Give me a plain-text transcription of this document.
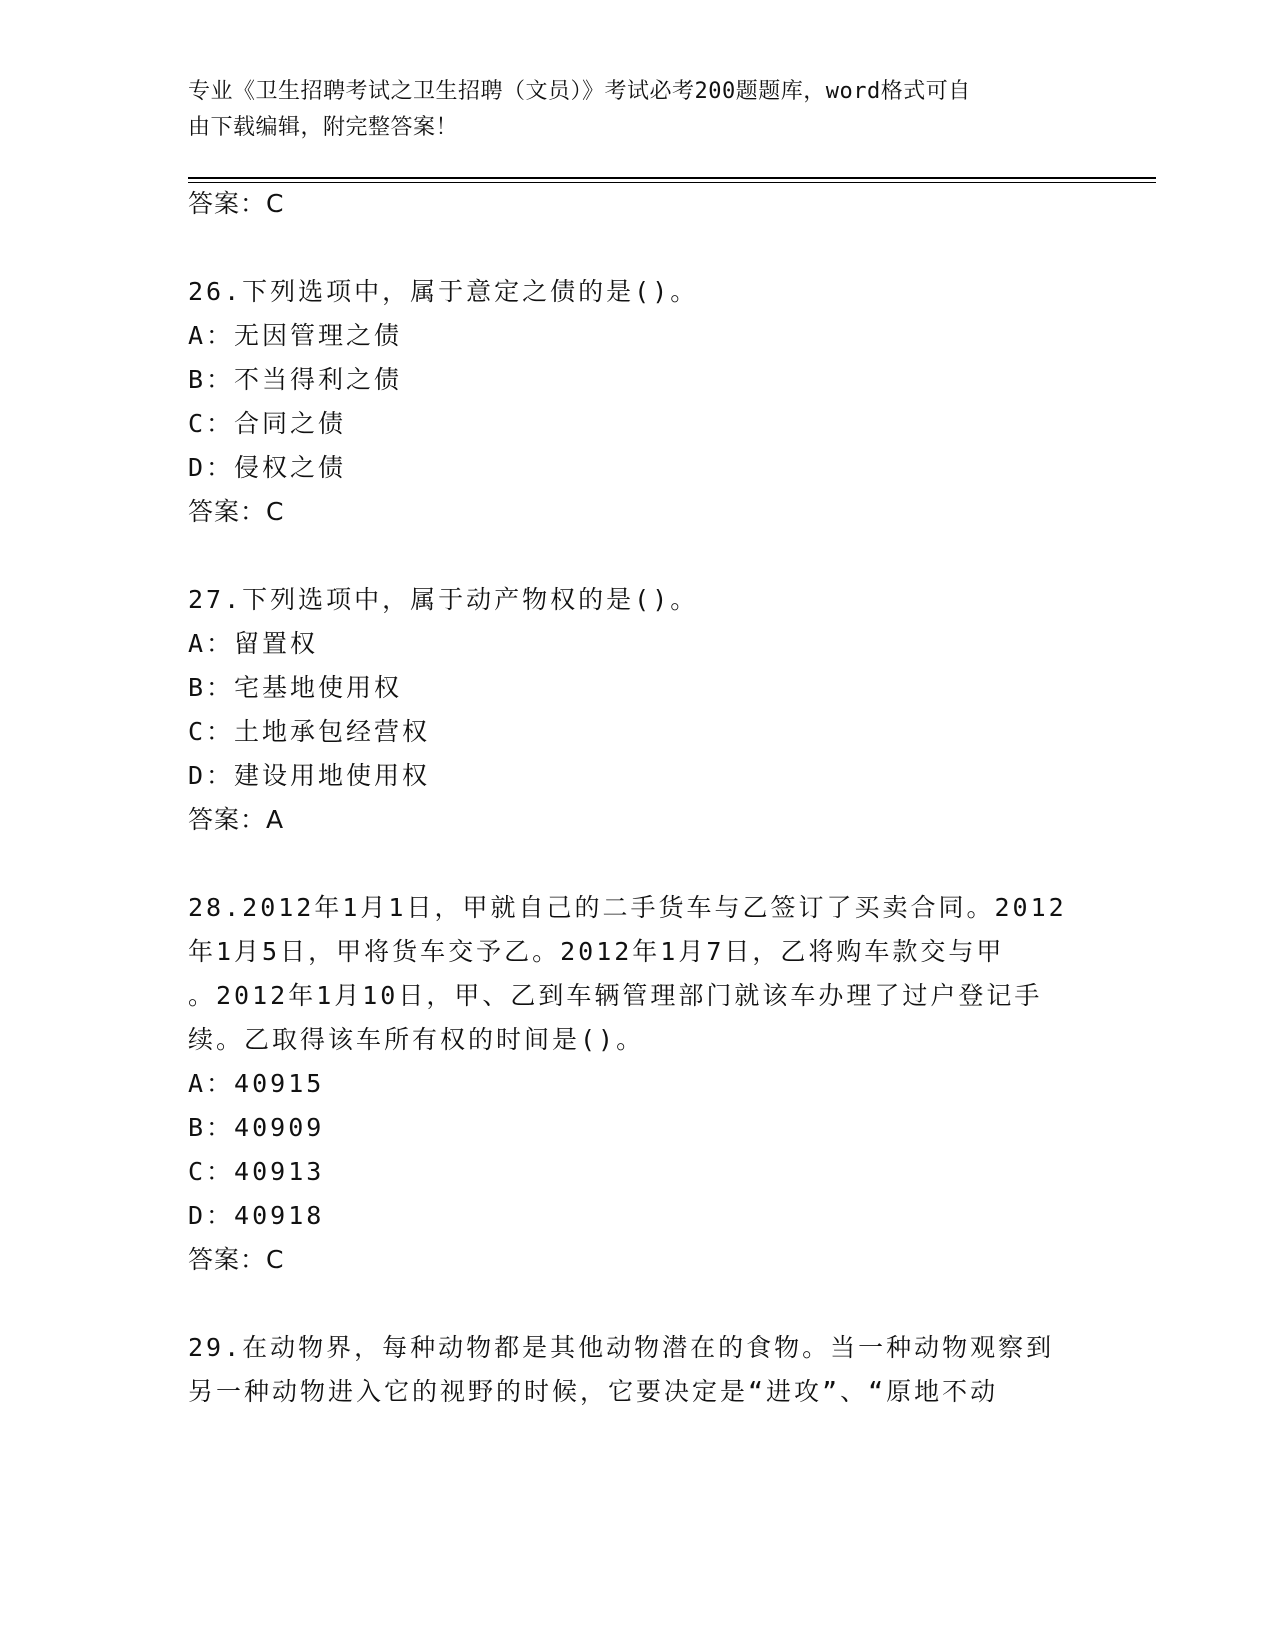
专业《卫生招聘考试之卫生招聘（文员）》考试必考200题题库，word格式可自
由下载编辑，附完整答案！
答案：C
26.下列选项中，属于意定之债的是()。
A：无因管理之债
B：不当得利之债
C：合同之债
D：侵权之债
答案：C
27.下列选项中，属于动产物权的是()。
A：留置权
B：宅基地使用权
C：土地承包经营权
D：建设用地使用权
答案：A
28.2012年1月1日，甲就自己的二手货车与乙签订了买卖合同。2012
年1月5日，甲将货车交予乙。2012年1月7日，乙将购车款交与甲
。2012年1月10日，甲、乙到车辆管理部门就该车办理了过户登记手
续。乙取得该车所有权的时间是()。
A：40915
B：40909
C：40913
D：40918
答案：C
29.在动物界，每种动物都是其他动物潜在的食物。当一种动物观察到
另一种动物进入它的视野的时候，它要决定是“进攻”、“原地不动
